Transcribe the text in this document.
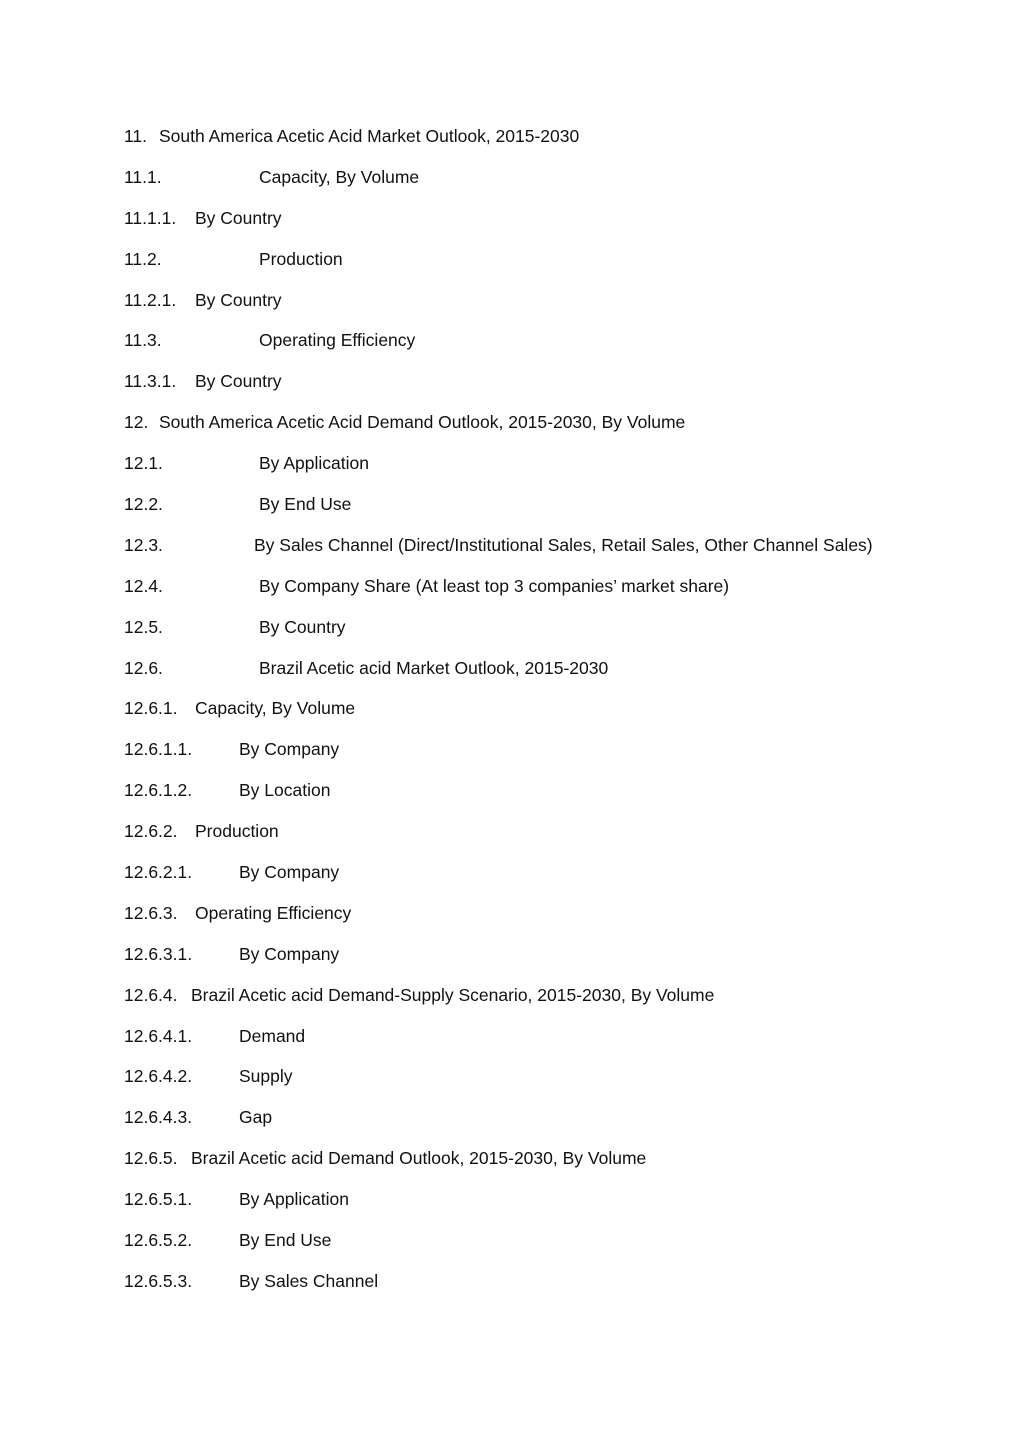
11. South America Acetic Acid Market Outlook, 2015-2030
11.1.	Capacity, By Volume
11.1.1. By Country
11.2.	Production
11.2.1. By Country
11.3.	Operating Efficiency
11.3.1. By Country
12. South America Acetic Acid Demand Outlook, 2015-2030, By Volume
12.1.	By Application
12.2.	By End Use
12.3.	By Sales Channel (Direct/Institutional Sales, Retail Sales, Other Channel Sales)
12.4.	By Company Share (At least top 3 companies’ market share)
12.5.	By Country
12.6.	Brazil Acetic acid Market Outlook, 2015-2030
12.6.1. Capacity, By Volume
12.6.1.1.	By Company
12.6.1.2.	By Location
12.6.2. Production
12.6.2.1.	By Company
12.6.3. Operating Efficiency
12.6.3.1.	By Company
12.6.4. Brazil Acetic acid Demand-Supply Scenario, 2015-2030, By Volume
12.6.4.1.	Demand
12.6.4.2.	Supply
12.6.4.3.	Gap
12.6.5. Brazil Acetic acid Demand Outlook, 2015-2030, By Volume
12.6.5.1.	By Application
12.6.5.2.	By End Use
12.6.5.3.	By Sales Channel
